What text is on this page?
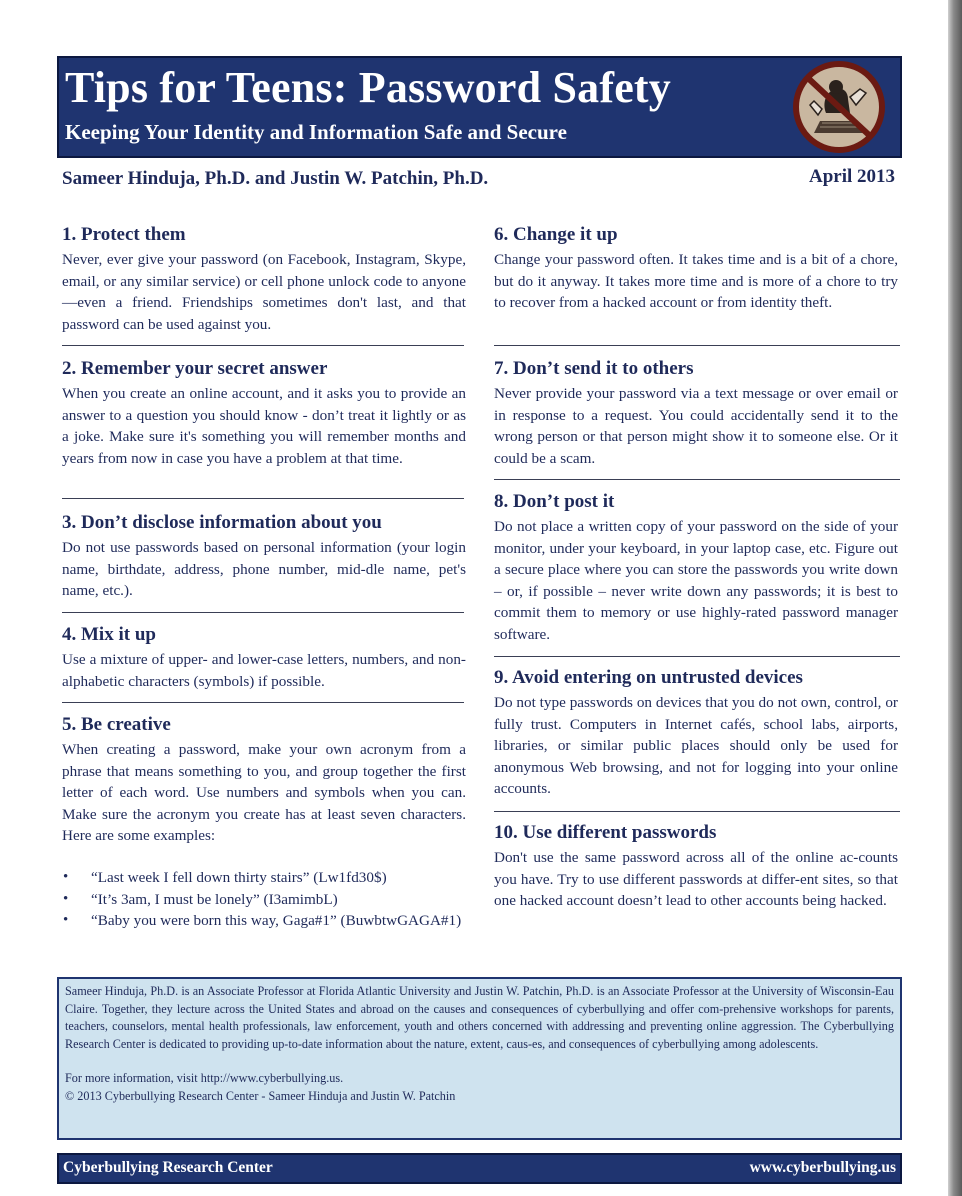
Tips for Teens: Password Safety
Keeping Your Identity and Information Safe and Secure
Sameer Hinduja, Ph.D. and Justin W. Patchin, Ph.D.	April 2013
1. Protect them

Never, ever give your password (on Facebook, Instagram, Skype, email, or any similar service) or cell phone unlock code to anyone—even a friend. Friendships sometimes don't last, and that password can be used against you.

2. Remember your secret answer

When you create an online account, and it asks you to provide an answer to a question you should know - don’t treat it lightly or as a joke. Make sure it's something you will remember months and years from now in case you have a problem at that time.

3. Don’t disclose information about you

Do not use passwords based on personal information (your login name, birthdate, address, phone number, mid-dle name, pet's name, etc.).

4. Mix it up

Use a mixture of upper- and lower-case letters, numbers, and non-alphabetic characters (symbols) if possible.

5. Be creative

When creating a password, make your own acronym from a phrase that means something to you, and group together the first letter of each word. Use numbers and symbols when you can. Make sure the acronym you create has at least seven characters. Here are some examples:

• “Last week I fell down thirty stairs” (Lw1fd30$)
• “It’s 3am, I must be lonely” (I3amimbL)
• “Baby you were born this way, Gaga#1” (BuwbtwGAGA#1)
6. Change it up

Change your password often. It takes time and is a bit of a chore, but do it anyway. It takes more time and is more of a chore to try to recover from a hacked account or from identity theft.

7. Don’t send it to others

Never provide your password via a text message or over email or in response to a request. You could accidentally send it to the wrong person or that person might show it to someone else. Or it could be a scam.

8. Don’t post it

Do not place a written copy of your password on the side of your monitor, under your keyboard, in your laptop case, etc. Figure out a secure place where you can store the passwords you write down – or, if possible – never write down any passwords; it is best to commit them to memory or use highly-rated password manager software.

9. Avoid entering on untrusted devices

Do not type passwords on devices that you do not own, control, or fully trust. Computers in Internet cafés, school labs, airports, libraries, or similar public places should only be used for anonymous Web browsing, and not for logging into your online accounts.

10. Use different passwords

Don't use the same password across all of the online ac-counts you have. Try to use different passwords at differ-ent sites, so that one hacked account doesn’t lead to other accounts being hacked.

Sameer Hinduja, Ph.D. is an Associate Professor at Florida Atlantic University and Justin W. Patchin, Ph.D. is an Associate Professor at the University of Wisconsin-Eau Claire. Together, they lecture across the United States and abroad on the causes and consequences of cyberbullying and offer com-prehensive workshops for parents, teachers, counselors, mental health professionals, law enforcement, youth and others concerned with addressing and preventing online aggression. The Cyberbullying Research Center is dedicated to providing up-to-date information about the nature, extent, caus-es, and consequences of cyberbullying among adolescents.

For more information, visit http://www.cyberbullying.us.

© 2013 Cyberbullying Research Center - Sameer Hinduja and Justin W. Patchin

Cyberbullying Research Center	www.cyberbullying.us
